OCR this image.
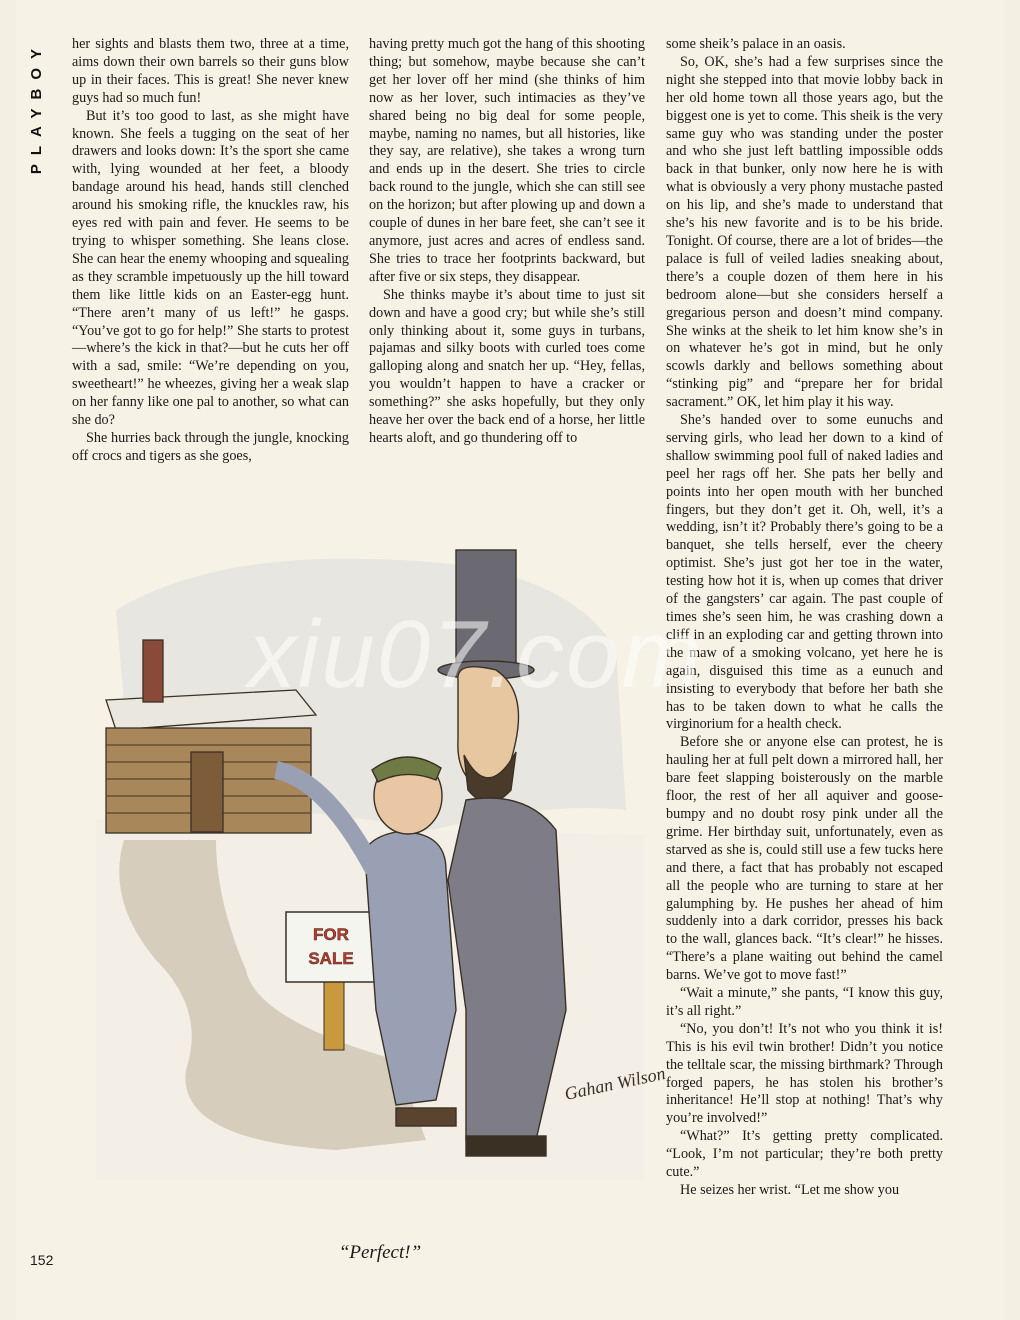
PLAYBOY her sights and blasts them two, three at a time, aims down their own barrels so their guns blow up in their faces. This is great! She never knew guys had so much fun!

But it’s too good to last, as she might have known. She feels a tugging on the seat of her drawers and looks down: It’s the sport she came with, lying wounded at her feet, a bloody bandage around his head, hands still clenched around his smoking rifle, the knuckles raw, his eyes red with pain and fever. He seems to be trying to whisper something. She leans close. She can hear the enemy whooping and squealing as they scramble impetuously up the hill toward them like little kids on an Easter-egg hunt. “There aren’t many of us left!” he gasps. “You’ve got to go for help!” She starts to protest—where’s the kick in that?—but he cuts her off with a sad, smile: “We’re depending on you, sweetheart!” he wheezes, giving her a weak slap on her fanny like one pal to another, so what can she do?

She hurries back through the jungle, knocking off crocs and tigers as she goes,

having pretty much got the hang of this shooting thing; but somehow, maybe because she can’t get her lover off her mind (she thinks of him now as her lover, such intimacies as they’ve shared being no big deal for some people, maybe, naming no names, but all histories, like they say, are relative), she takes a wrong turn and ends up in the desert. She tries to circle back round to the jungle, which she can still see on the horizon; but after plowing up and down a couple of dunes in her bare feet, she can’t see it anymore, just acres and acres of endless sand. She tries to trace her footprints backward, but after five or six steps, they disappear.

She thinks maybe it’s about time to just sit down and have a good cry; but while she’s still only thinking about it, some guys in turbans, pajamas and silky boots with curled toes come galloping along and snatch her up. “Hey, fellas, you wouldn’t happen to have a cracker or something?” she asks hopefully, but they only heave her over the back end of a horse, her little hearts aloft, and go thundering off to

some sheik’s palace in an oasis.

So, OK, she’s had a few surprises since the night she stepped into that movie lobby back in her old home town all those years ago, but the biggest one is yet to come. This sheik is the very same guy who was standing under the poster and who she just left battling impossible odds back in that bunker, only now here he is with what is obviously a very phony mustache pasted on his lip, and she’s made to understand that she’s his new favorite and is to be his bride. Tonight. Of course, there are a lot of brides—the palace is full of veiled ladies sneaking about, there’s a couple dozen of them here in his bedroom alone—but she considers herself a gregarious person and doesn’t mind company. She winks at the sheik to let him know she’s in on whatever he’s got in mind, but he only scowls darkly and bellows something about “stinking pig” and “prepare her for bridal sacrament.” OK, let him play it his way.

She’s handed over to some eunuchs and serving girls, who lead her down to a kind of shallow swimming pool full of naked ladies and peel her rags off her. She pats her belly and points into her open mouth with her bunched fingers, but they don’t get it. Oh, well, it’s a wedding, isn’t it? Probably there’s going to be a banquet, she tells herself, ever the cheery optimist. She’s just got her toe in the water, testing how hot it is, when up comes that driver of the gangsters’ car again. The past couple of times she’s seen him, he was crashing down a cliff in an exploding car and getting thrown into the maw of a smoking volcano, yet here he is again, disguised this time as a eunuch and insisting to everybody that before her bath she has to be taken down to what he calls the virginorium for a health check.

Before she or anyone else can protest, he is hauling her at full pelt down a mirrored hall, her bare feet slapping boisterously on the marble floor, the rest of her all aquiver and goose-bumpy and no doubt rosy pink under all the grime. Her birthday suit, unfortunately, even as starved as she is, could still use a few tucks here and there, a fact that has probably not escaped all the people who are turning to stare at her galumphing by. He pushes her ahead of him suddenly into a dark corridor, presses his back to the wall, glances back. “It’s clear!” he hisses. “There’s a plane waiting out behind the camel barns. We’ve got to move fast!”

“Wait a minute,” she pants, “I know this guy, it’s all right.”

“No, you don’t! It’s not who you think it is! This is his evil twin brother! Didn’t you notice the telltale scar, the missing birthmark? Through forged papers, he has stolen his brother’s inheritance! He’ll stop at nothing! That’s why you’re involved!”

“What?” It’s getting pretty complicated. “Look, I’m not particular; they’re both pretty cute.”

He seizes her wrist. “Let me show you

FOR
SALE
Gahan Wilson
xiu07.com
“Perfect!”
152
